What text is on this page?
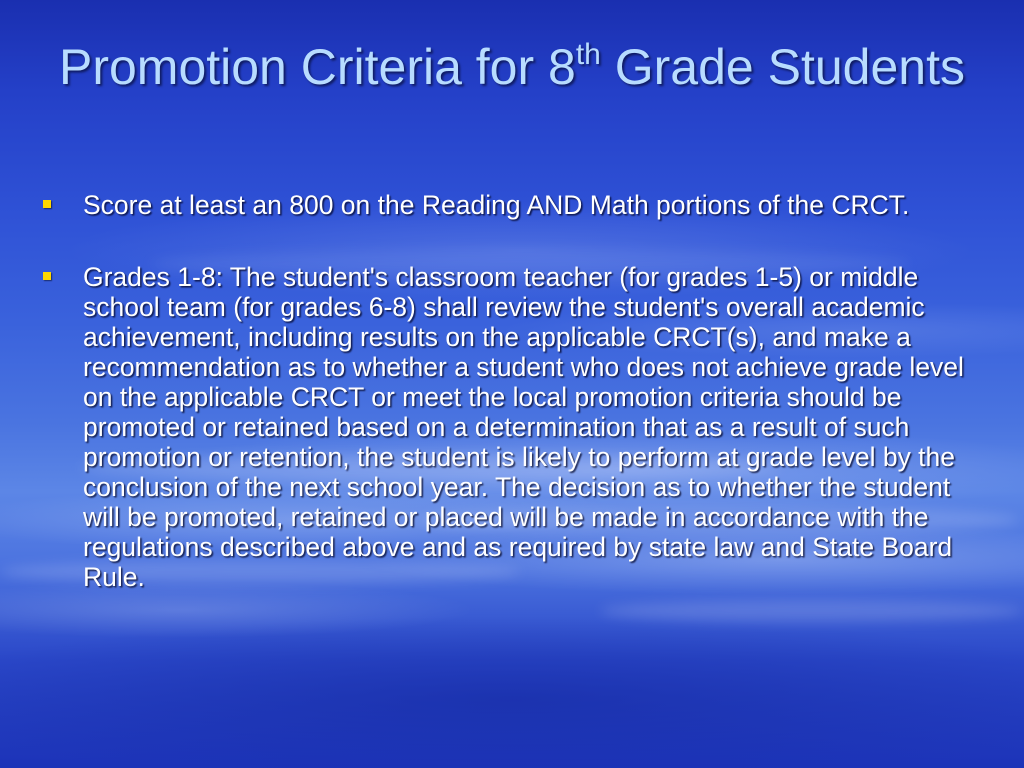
Promotion Criteria for 8th Grade Students
Score at least an 800 on the Reading AND Math portions of the CRCT.
Grades 1-8: The student's classroom teacher (for grades 1-5) or middle school team (for grades 6-8) shall review the student's overall academic achievement, including results on the applicable CRCT(s), and make a recommendation as to whether a student who does not achieve grade level on the applicable CRCT or meet the local promotion criteria should be promoted or retained based on a determination that as a result of such promotion or retention, the student is likely to perform at grade level by the conclusion of the next school year. The decision as to whether the student will be promoted, retained or placed will be made in accordance with the regulations described above and as required by state law and State Board Rule.
